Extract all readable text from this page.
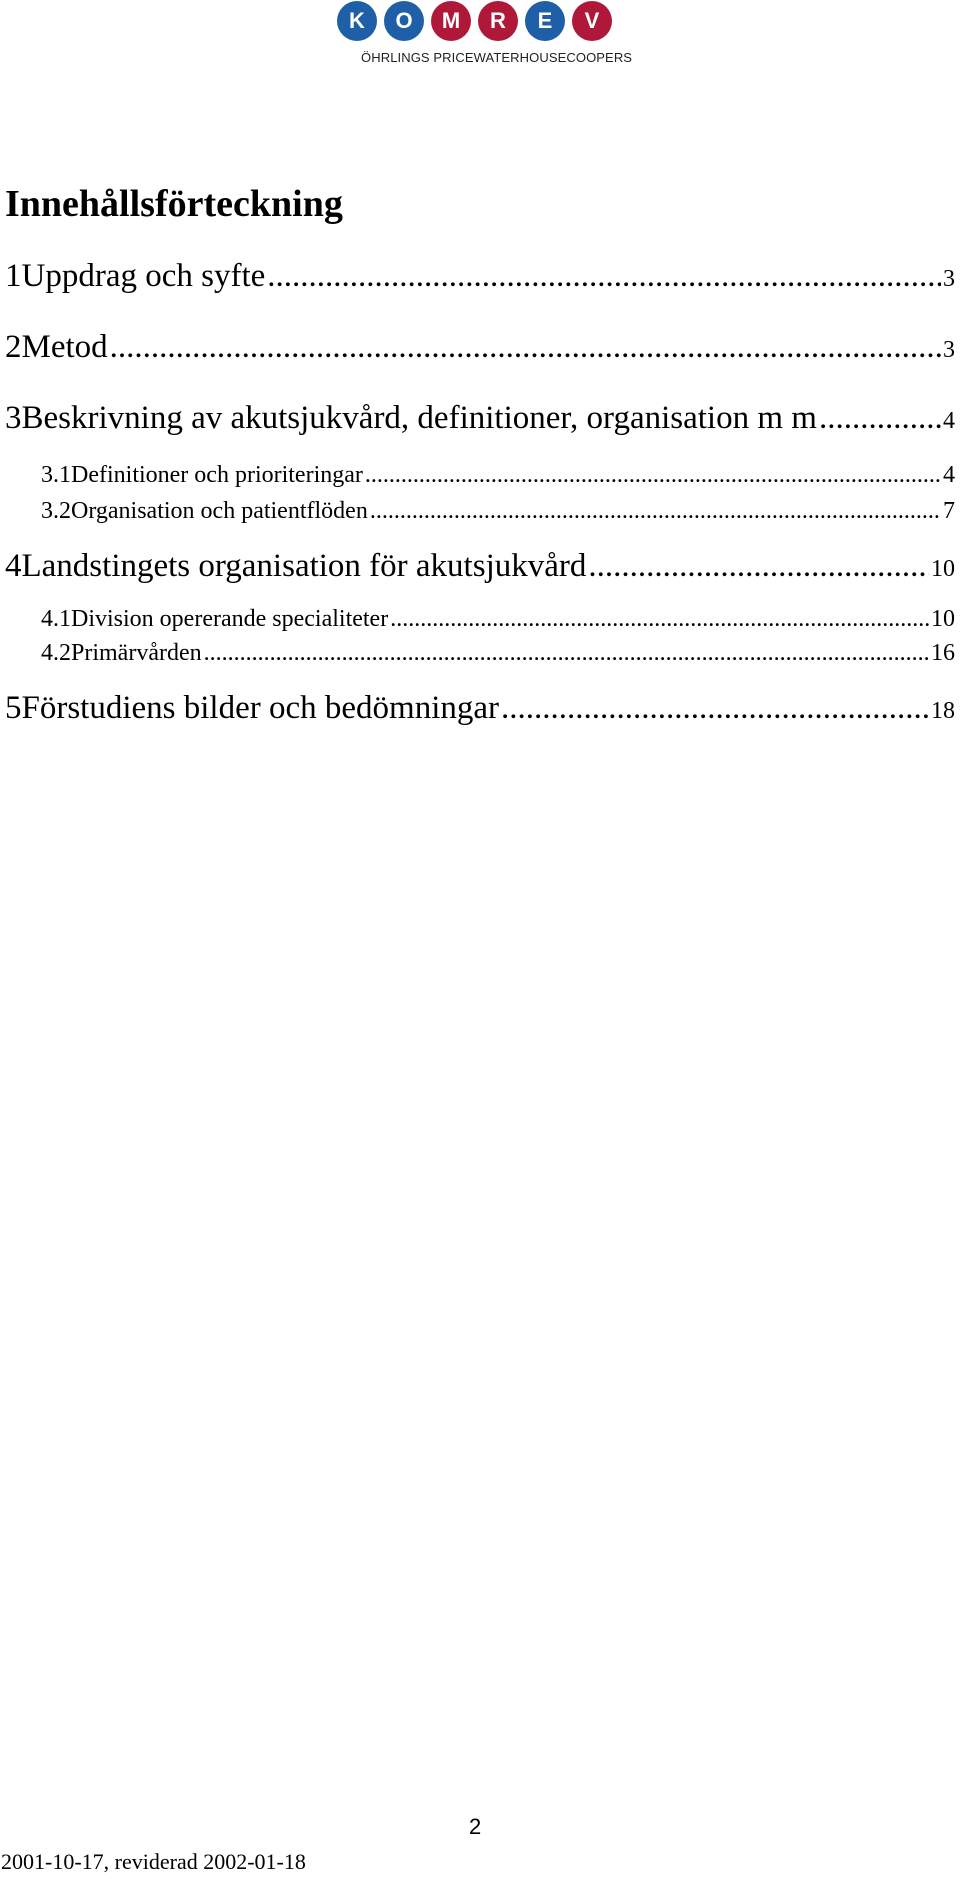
K	O	M	R	E	V
ÖHRLINGS PRICEWATERHOUSECOOPERS
Innehållsförteckning
1 Uppdrag och syfte .....	3
2 Metod .....	3
3 Beskrivning av akutsjukvård, definitioner, organisation m m .....	4
3.1 Definitioner och prioriteringar .....	4
3.2 Organisation och patientflöden .....	7
4 Landstingets organisation för akutsjukvård .....	10
4.1 Division opererande specialiteter .....	10
4.2 Primärvården .....	16
5 Förstudiens bilder och bedömningar .....	18
2
2001-10-17, reviderad 2002-01-18
